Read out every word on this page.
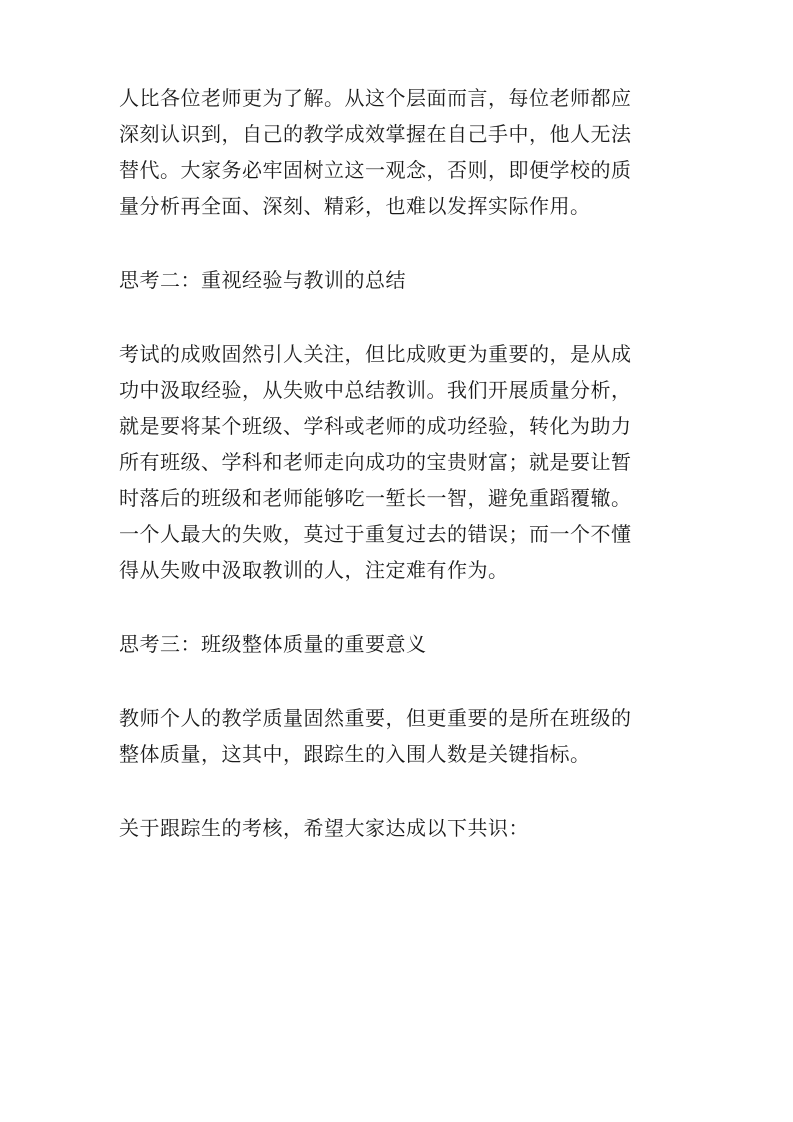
人比各位老师更为了解。从这个层面而言，每位老师都应
深刻认识到，自己的教学成效掌握在自己手中，他人无法
替代。大家务必牢固树立这一观念，否则，即便学校的质
量分析再全面、深刻、精彩，也难以发挥实际作用。

思考二：重视经验与教训的总结

考试的成败固然引人关注，但比成败更为重要的，是从成
功中汲取经验，从失败中总结教训。我们开展质量分析，
就是要将某个班级、学科或老师的成功经验，转化为助力
所有班级、学科和老师走向成功的宝贵财富；就是要让暂
时落后的班级和老师能够吃一堑长一智，避免重蹈覆辙。
一个人最大的失败，莫过于重复过去的错误；而一个不懂
得从失败中汲取教训的人，注定难有作为。

思考三：班级整体质量的重要意义

教师个人的教学质量固然重要，但更重要的是所在班级的
整体质量，这其中，跟踪生的入围人数是关键指标。

关于跟踪生的考核，希望大家达成以下共识：
